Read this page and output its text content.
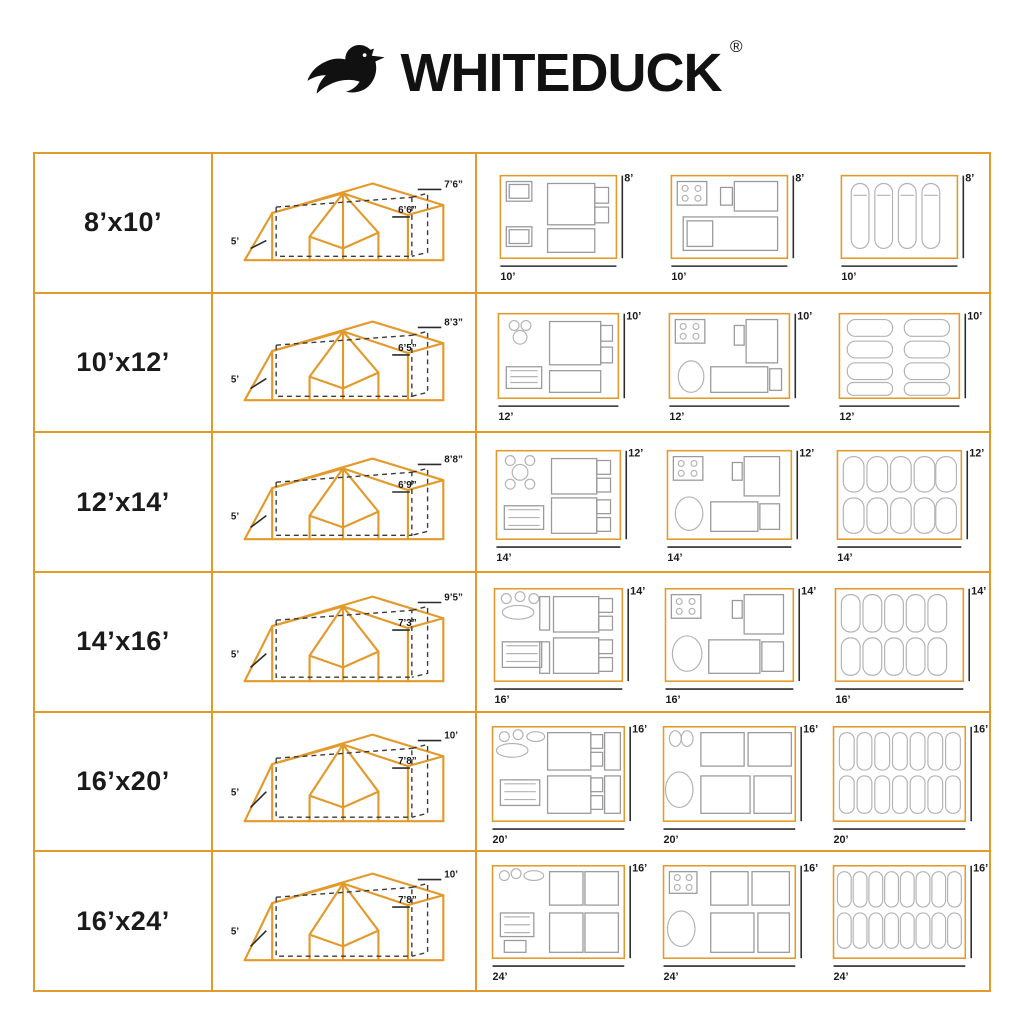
WHITEDUCK ®
8’x10’
7’6”
6’6”
5’
8’
10’
8’
10’
8’
10’
10’x12’
8’3”
6’5”
5’
10’
12’
10’
12’
10’
12’
12’x14’
8’8”
6’9”
5’
12’
14’
12’
14’
12’
14’
14’x16’
9’5”
7’3”
5’
14’
16’
14’
16’
14’
16’
16’x20’
10’
7’8”
5’
16’
20’
16’
20’
16’
20’
16’x24’
10’
7’8”
5’
16’
24’
16’
24’
16’
24’
